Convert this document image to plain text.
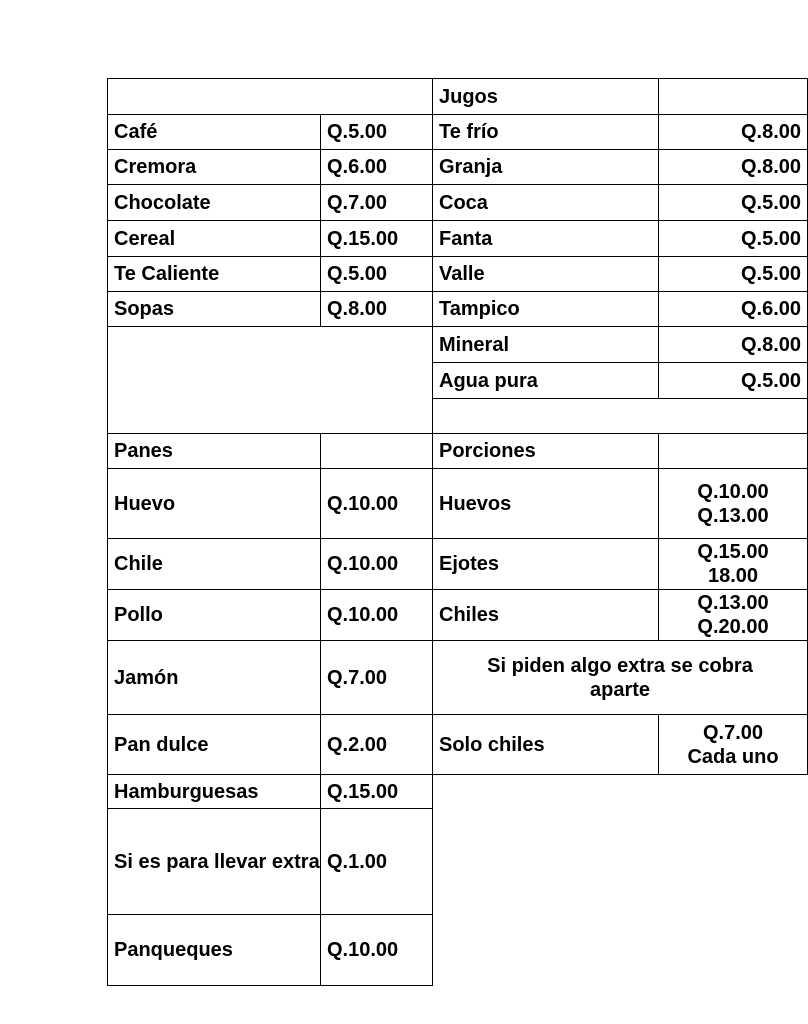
		Jugos	
Café	Q.5.00	Te frío	Q.8.00
Cremora	Q.6.00	Granja	Q.8.00
Chocolate	Q.7.00	Coca	Q.5.00
Cereal	Q.15.00	Fanta	Q.5.00
Te Caliente	Q.5.00	Valle	Q.5.00
Sopas	Q.8.00	Tampico	Q.6.00
		Mineral	Q.8.00
		Agua pura	Q.5.00

Panes		Porciones	
Huevo	Q.10.00	Huevos	Q.10.00
Q.13.00

Chile	Q.10.00	Ejotes	Q.15.00
18.00

Pollo	Q.10.00	Chiles	Q.13.00
Q.20.00

Jamón	Q.7.00	Si piden algo extra se cobra
aparte	

Pan dulce	Q.2.00	Solo chiles	Q.7.00
Cada uno

Hamburguesas	Q.15.00		
Si es para llevar extra	Q.1.00		
Panqueques	Q.10.00		
